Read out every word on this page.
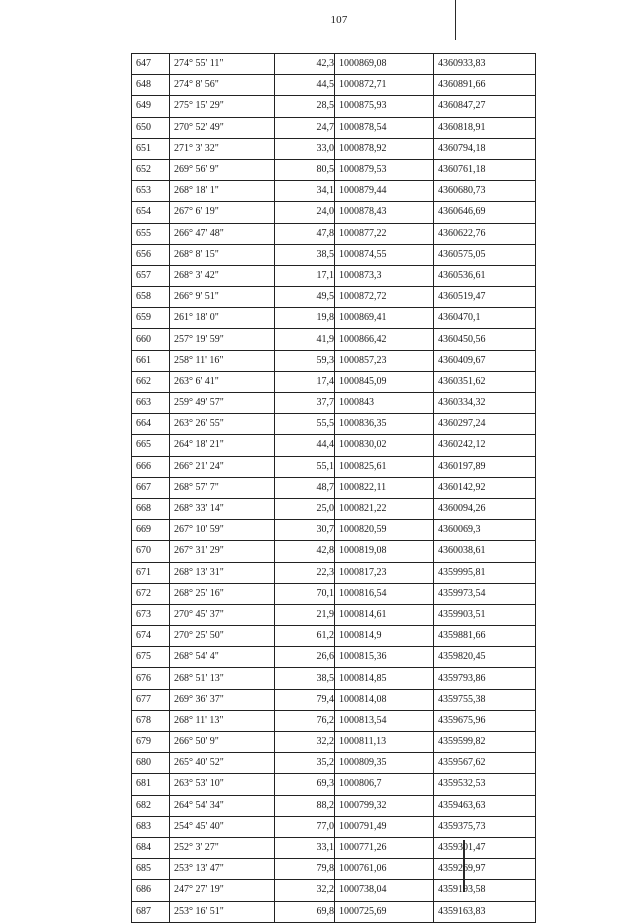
107
647	274° 55' 11"	42,3	1000869,08	4360933,83
648	274° 8' 56"	44,5	1000872,71	4360891,66
649	275° 15' 29"	28,5	1000875,93	4360847,27
650	270° 52' 49"	24,7	1000878,54	4360818,91
651	271° 3' 32"	33,0	1000878,92	4360794,18
652	269° 56' 9"	80,5	1000879,53	4360761,18
653	268° 18' 1"	34,1	1000879,44	4360680,73
654	267° 6' 19"	24,0	1000878,43	4360646,69
655	266° 47' 48"	47,8	1000877,22	4360622,76
656	268° 8' 15"	38,5	1000874,55	4360575,05
657	268° 3' 42"	17,1	1000873,3	4360536,61
658	266° 9' 51"	49,5	1000872,72	4360519,47
659	261° 18' 0"	19,8	1000869,41	4360470,1
660	257° 19' 59"	41,9	1000866,42	4360450,56
661	258° 11' 16"	59,3	1000857,23	4360409,67
662	263° 6' 41"	17,4	1000845,09	4360351,62
663	259° 49' 57"	37,7	1000843	4360334,32
664	263° 26' 55"	55,5	1000836,35	4360297,24
665	264° 18' 21"	44,4	1000830,02	4360242,12
666	266° 21' 24"	55,1	1000825,61	4360197,89
667	268° 57' 7"	48,7	1000822,11	4360142,92
668	268° 33' 14"	25,0	1000821,22	4360094,26
669	267° 10' 59"	30,7	1000820,59	4360069,3
670	267° 31' 29"	42,8	1000819,08	4360038,61
671	268° 13' 31"	22,3	1000817,23	4359995,81
672	268° 25' 16"	70,1	1000816,54	4359973,54
673	270° 45' 37"	21,9	1000814,61	4359903,51
674	270° 25' 50"	61,2	1000814,9	4359881,66
675	268° 54' 4"	26,6	1000815,36	4359820,45
676	268° 51' 13"	38,5	1000814,85	4359793,86
677	269° 36' 37"	79,4	1000814,08	4359755,38
678	268° 11' 13"	76,2	1000813,54	4359675,96
679	266° 50' 9"	32,2	1000811,13	4359599,82
680	265° 40' 52"	35,2	1000809,35	4359567,62
681	263° 53' 10"	69,3	1000806,7	4359532,53
682	264° 54' 34"	88,2	1000799,32	4359463,63
683	254° 45' 40"	77,0	1000791,49	4359375,73
684	252° 3' 27"	33,1	1000771,26	4359301,47
685	253° 13' 47"	79,8	1000761,06	4359269,97
686	247° 27' 19"	32,2	1000738,04	4359193,58
687	253° 16' 51"	69,8	1000725,69	4359163,83
